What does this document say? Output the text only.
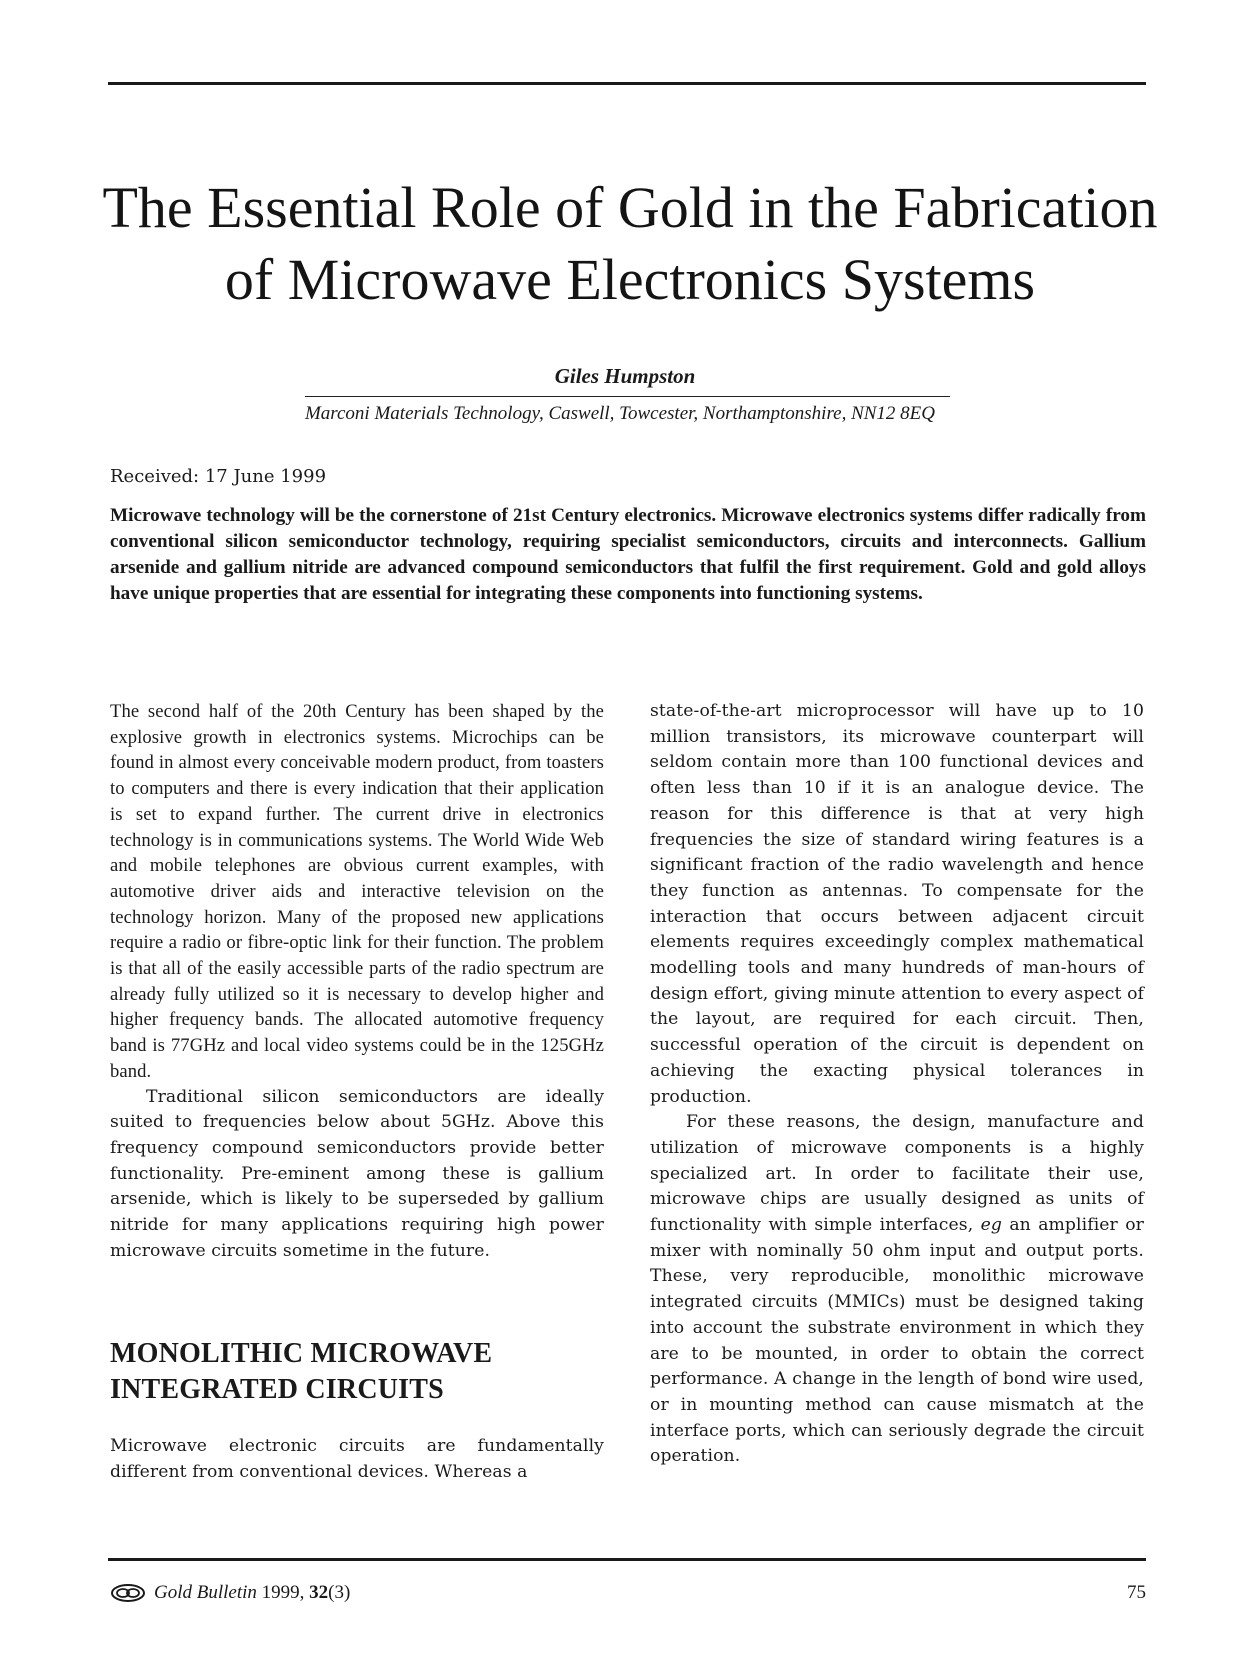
The Essential Role of Gold in the Fabrication
of Microwave Electronics Systems

Giles Humpston

Marconi Materials Technology, Caswell, Towcester, Northamptonshire, NN12 8EQ

Received: 17 June 1999

Microwave technology will be the cornerstone of 21st Century electronics. Microwave electronics systems differ radically from conventional silicon semiconductor technology, requiring specialist semiconductors, circuits and interconnects. Gallium arsenide and gallium nitride are advanced compound semiconductors that fulfil the first requirement. Gold and gold alloys have unique properties that are essential for integrating these components into functioning systems.

The second half of the 20th Century has been shaped by the explosive growth in electronics systems. Microchips can be found in almost every conceivable modern product, from toasters to computers and there is every indication that their application is set to expand further. The current drive in electronics technology is in communications systems. The World Wide Web and mobile telephones are obvious current examples, with automotive driver aids and interactive television on the technology horizon. Many of the proposed new applications require a radio or fibre-optic link for their function. The problem is that all of the easily accessible parts of the radio spectrum are already fully utilized so it is necessary to develop higher and higher frequency bands. The allocated automotive frequency band is 77GHz and local video systems could be in the 125GHz band.

Traditional silicon semiconductors are ideally suited to frequencies below about 5GHz. Above this frequency compound semiconductors provide better functionality. Pre-eminent among these is gallium arsenide, which is likely to be superseded by gallium nitride for many applications requiring high power microwave circuits sometime in the future.

MONOLITHIC MICROWAVE
INTEGRATED CIRCUITS

Microwave electronic circuits are fundamentally different from conventional devices. Whereas a

state-of-the-art microprocessor will have up to 10 million transistors, its microwave counterpart will seldom contain more than 100 functional devices and often less than 10 if it is an analogue device. The reason for this difference is that at very high frequencies the size of standard wiring features is a significant fraction of the radio wavelength and hence they function as antennas. To compensate for the interaction that occurs between adjacent circuit elements requires exceedingly complex mathematical modelling tools and many hundreds of man-hours of design effort, giving minute attention to every aspect of the layout, are required for each circuit. Then, successful operation of the circuit is dependent on achieving the exacting physical tolerances in production.

For these reasons, the design, manufacture and utilization of microwave components is a highly specialized art. In order to facilitate their use, microwave chips are usually designed as units of functionality with simple interfaces, eg an amplifier or mixer with nominally 50 ohm input and output ports. These, very reproducible, monolithic microwave integrated circuits (MMICs) must be designed taking into account the substrate environment in which they are to be mounted, in order to obtain the correct performance. A change in the length of bond wire used, or in mounting method can cause mismatch at the interface ports, which can seriously degrade the circuit operation.

Gold Bulletin 1999, 32(3)	75
